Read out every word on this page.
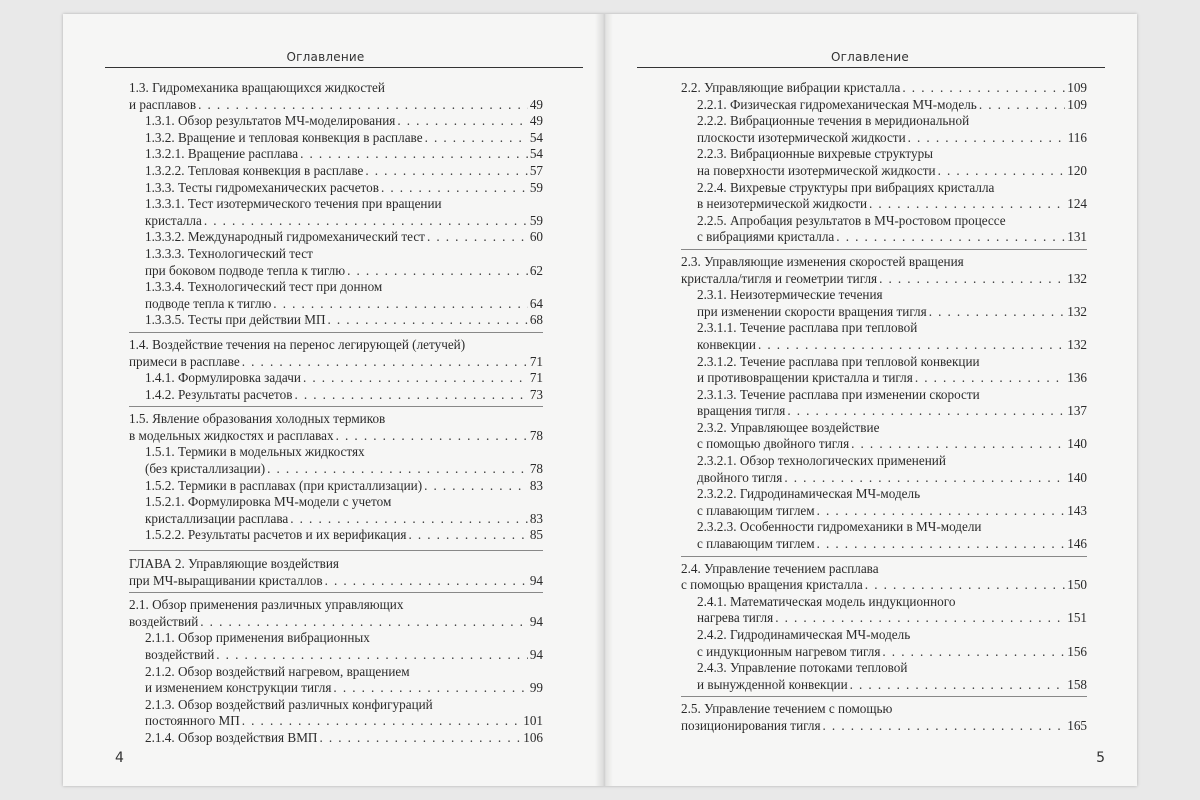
Оглавление
1.3. Гидромеханика вращающихся жидкостей
и расплавов . . .	49
1.3.1. Обзор результатов МЧ-моделирования . . .	49
1.3.2. Вращение и тепловая конвекция в расплаве . . .	54
1.3.2.1. Вращение расплава . . .	54
1.3.2.2. Тепловая конвекция в расплаве . . .	57
1.3.3. Тесты гидромеханических расчетов . . .	59
1.3.3.1. Тест изотермического течения при вращении
кристалла . . .	59
1.3.3.2. Международный гидромеханический тест . . .	60
1.3.3.3. Технологический тест
при боковом подводе тепла к тиглю . . .	62
1.3.3.4. Технологический тест при донном
подводе тепла к тиглю . . .	64
1.3.3.5. Тесты при действии МП . . .	68
1.4. Воздействие течения на перенос легирующей (летучей)
примеси в расплаве . . .	71
1.4.1. Формулировка задачи . . .	71
1.4.2. Результаты расчетов . . .	73
1.5. Явление образования холодных термиков
в модельных жидкостях и расплавах . . .	78
1.5.1. Термики в модельных жидкостях
(без кристаллизации) . . .	78
1.5.2. Термики в расплавах (при кристаллизации) . . .	83
1.5.2.1. Формулировка МЧ-модели с учетом
кристаллизации расплава . . .	83
1.5.2.2. Результаты расчетов и их верификация . . .	85
ГЛАВА 2. Управляющие воздействия
при МЧ-выращивании кристаллов . . .	94
2.1. Обзор применения различных управляющих
воздействий . . .	94
2.1.1. Обзор применения вибрационных
воздействий . . .	94
2.1.2. Обзор воздействий нагревом, вращением
и изменением конструкции тигля . . .	99
2.1.3. Обзор воздействий различных конфигураций
постоянного МП . . .	101
2.1.4. Обзор воздействия ВМП . . .	106
4
Оглавление
2.2. Управляющие вибрации кристалла . . .	109
2.2.1. Физическая гидромеханическая МЧ-модель . . .	109
2.2.2. Вибрационные течения в меридиональной
плоскости изотермической жидкости . . .	116
2.2.3. Вибрационные вихревые структуры
на поверхности изотермической жидкости . . .	120
2.2.4. Вихревые структуры при вибрациях кристалла
в неизотермической жидкости . . .	124
2.2.5. Апробация результатов в МЧ-ростовом процессе
с вибрациями кристалла . . .	131
2.3. Управляющие изменения скоростей вращения
кристалла/тигля и геометрии тигля . . .	132
2.3.1. Неизотермические течения
при изменении скорости вращения тигля . . .	132
2.3.1.1. Течение расплава при тепловой
конвекции . . .	132
2.3.1.2. Течение расплава при тепловой конвекции
и противовращении кристалла и тигля . . .	136
2.3.1.3. Течение расплава при изменении скорости
вращения тигля . . .	137
2.3.2. Управляющее воздействие
с помощью двойного тигля . . .	140
2.3.2.1. Обзор технологических применений
двойного тигля . . .	140
2.3.2.2. Гидродинамическая МЧ-модель
с плавающим тиглем . . .	143
2.3.2.3. Особенности гидромеханики в МЧ-модели
с плавающим тиглем . . .	146
2.4. Управление течением расплава
с помощью вращения кристалла . . .	150
2.4.1. Математическая модель индукционного
нагрева тигля . . .	151
2.4.2. Гидродинамическая МЧ-модель
с индукционным нагревом тигля . . .	156
2.4.3. Управление потоками тепловой
и вынужденной конвекции . . .	158
2.5. Управление течением с помощью
позиционирования тигля . . .	165
5
